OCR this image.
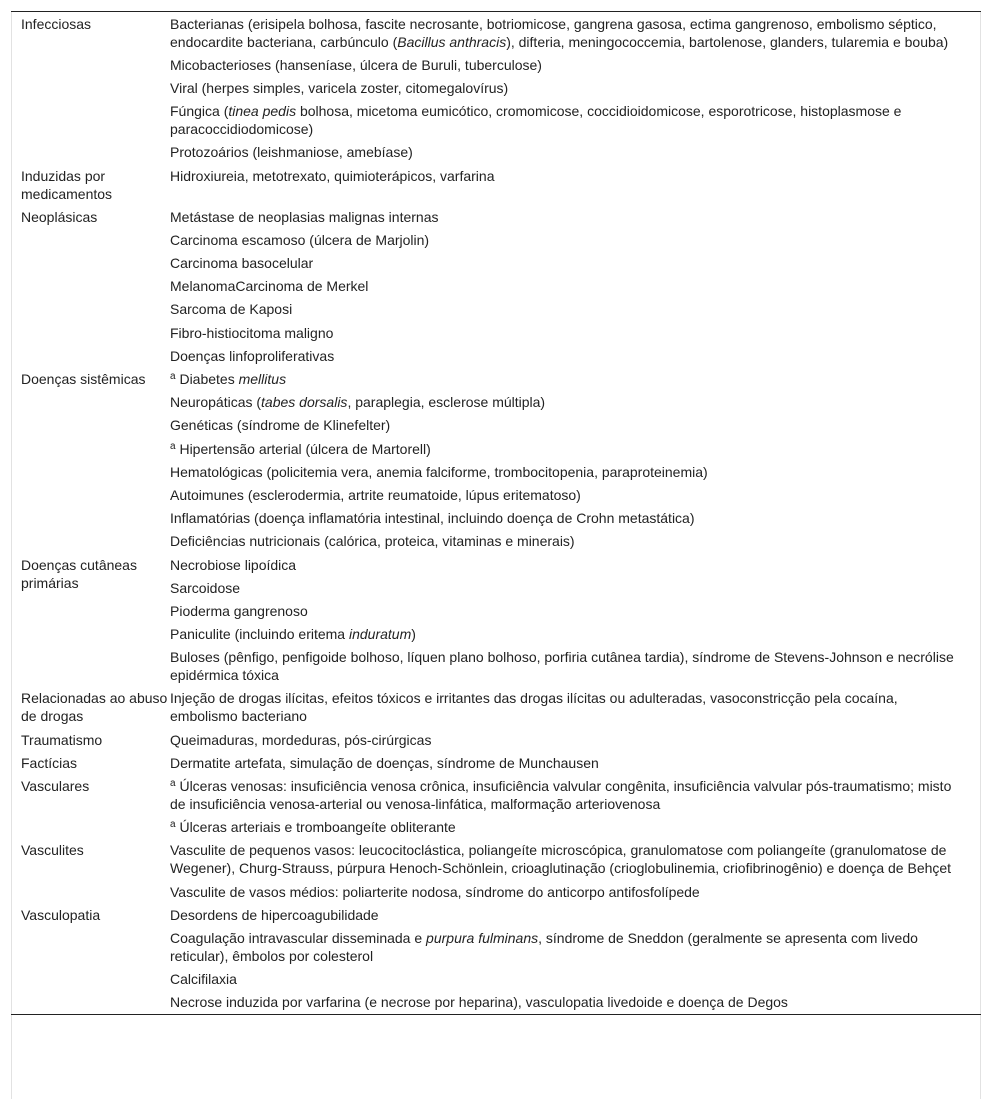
Infecciosas	Bacterianas (erisipela bolhosa, fascite necrosante, botriomicose, gangrena gasosa, ectima gangrenoso, embolismo séptico, endocardite bacteriana, carbúnculo (Bacillus anthracis), difteria, meningococcemia, bartolenose, glanders, tularemia e bouba)
	Micobacterioses (hanseníase, úlcera de Buruli, tuberculose)
	Viral (herpes simples, varicela zoster, citomegalovírus)
	Fúngica (tinea pedis bolhosa, micetoma eumicótico, cromomicose, coccidioidomicose, esporotricose, histoplasmose e paracoccidiodomicose)
	Protozoários (leishmaniose, amebíase)
Induzidas por medicamentos	Hidroxiureia, metotrexato, quimioterápicos, varfarina
Neoplásicas	Metástase de neoplasias malignas internas
	Carcinoma escamoso (úlcera de Marjolin)
	Carcinoma basocelular
	MelanomaCarcinoma de Merkel
	Sarcoma de Kaposi
	Fibro-histiocitoma maligno
	Doenças linfoproliferativas
Doenças sistêmicas	$^a$ Diabetes mellitus
	Neuropáticas (tabes dorsalis, paraplegia, esclerose múltipla)
	Genéticas (síndrome de Klinefelter)
	$^a$ Hipertensão arterial (úlcera de Martorell)
	Hematológicas (policitemia vera, anemia falciforme, trombocitopenia, paraproteinemia)
	Autoimunes (esclerodermia, artrite reumatoide, lúpus eritematoso)
	Inflamatórias (doença inflamatória intestinal, incluindo doença de Crohn metastática)
	Deficiências nutricionais (calórica, proteica, vitaminas e minerais)
Doenças cutâneas primárias	Necrobiose lipoídica
	Sarcoidose
	Pioderma gangrenoso
	Paniculite (incluindo eritema induratum)
	Buloses (pênfigo, penfigoide bolhoso, líquen plano bolhoso, porfiria cutânea tardia), síndrome de Stevens-Johnson e necrólise epidérmica tóxica
Relacionadas ao abuso de drogas	Injeção de drogas ilícitas, efeitos tóxicos e irritantes das drogas ilícitas ou adulteradas, vasoconstricção pela cocaína, embolismo bacteriano
Traumatismo	Queimaduras, mordeduras, pós-cirúrgicas
Factícias	Dermatite artefata, simulação de doenças, síndrome de Munchausen
Vasculares	$^a$ Úlceras venosas: insuficiência venosa crônica, insuficiência valvular congênita, insuficiência valvular pós-traumatismo; misto de insuficiência venosa-arterial ou venosa-linfática, malformação arteriovenosa
	$^a$ Úlceras arteriais e tromboangeíte obliterante
Vasculites	Vasculite de pequenos vasos: leucocitoclástica, poliangeíte microscópica, granulomatose com poliangeíte (granulomatose de Wegener), Churg-Strauss, púrpura Henoch-Schönlein, crioaglutinação (crioglobulinemia, criofibrinogênio) e doença de Behçet
	Vasculite de vasos médios: poliarterite nodosa, síndrome do anticorpo antifosfolípede
Vasculopatia	Desordens de hipercoagubilidade
	Coagulação intravascular disseminada e purpura fulminans, síndrome de Sneddon (geralmente se apresenta com livedo reticular), êmbolos por colesterol
	Calcifilaxia
	Necrose induzida por varfarina (e necrose por heparina), vasculopatia livedoide e doença de Degos
